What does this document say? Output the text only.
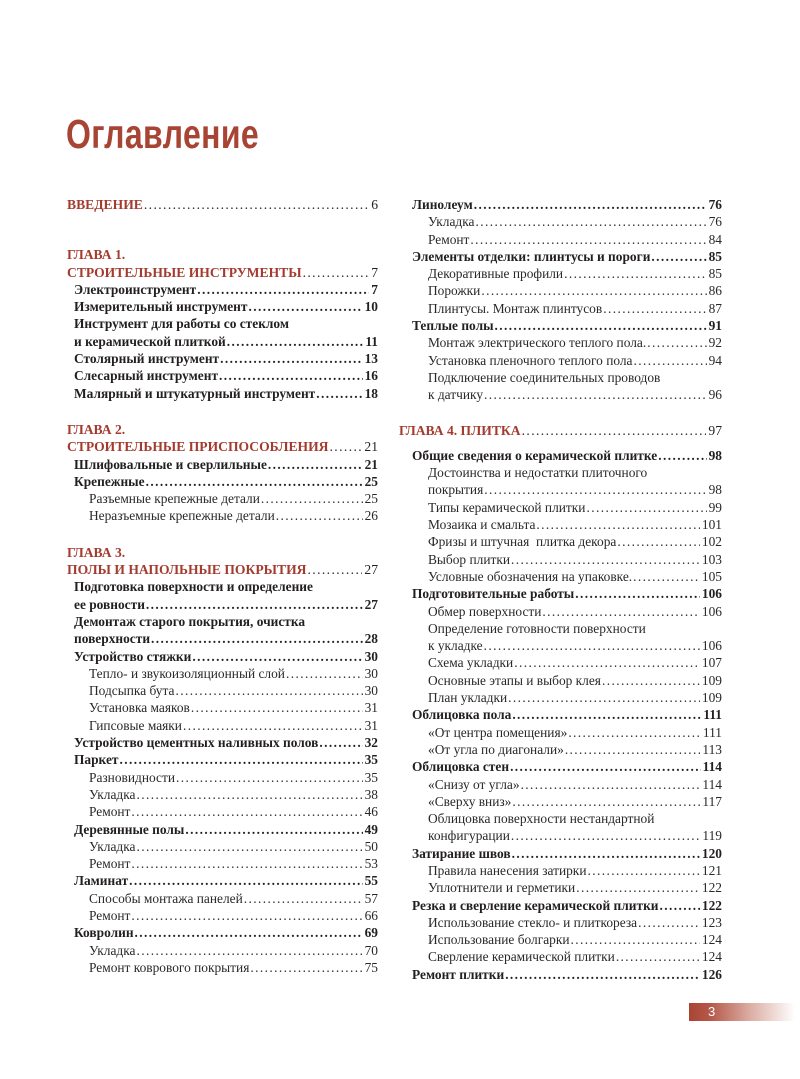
Оглавление
ВВЕДЕНИЕ .....	6
ГЛАВА 1.
СТРОИТЕЛЬНЫЕ ИНСТРУМЕНТЫ .....	7
Электроинструмент .....	7
Измерительный инструмент .....	10
Инструмент для работы со стеклом
и керамической плиткой .....	11
Столярный инструмент .....	13
Слесарный инструмент .....	16
Малярный и штукатурный инструмент .....	18
ГЛАВА 2.
СТРОИТЕЛЬНЫЕ ПРИСПОСОБЛЕНИЯ .....	21
Шлифовальные и сверлильные .....	21
Крепежные .....	25
Разъемные крепежные детали .....	25
Неразъемные крепежные детали .....	26
ГЛАВА 3.
ПОЛЫ И НАПОЛЬНЫЕ ПОКРЫТИЯ .....	27
Подготовка поверхности и определение
ее ровности .....	27
Демонтаж старого покрытия, очистка
поверхности .....	28
Устройство стяжки .....	30
Тепло- и звукоизоляционный слой .....	30
Подсыпка бута .....	30
Установка маяков .....	31
Гипсовые маяки .....	31
Устройство цементных наливных полов .....	32
Паркет .....	35
Разновидности .....	35
Укладка .....	38
Ремонт .....	46
Деревянные полы .....	49
Укладка .....	50
Ремонт .....	53
Ламинат .....	55
Способы монтажа панелей .....	57
Ремонт .....	66
Ковролин .....	69
Укладка .....	70
Ремонт коврового покрытия .....	75
Линолеум .....	76
Укладка .....	76
Ремонт .....	84
Элементы отделки: плинтусы и пороги .....	85
Декоративные профили .....	85
Порожки .....	86
Плинтусы. Монтаж плинтусов .....	87
Теплые полы .....	91
Монтаж электрического теплого пола. .....	92
Установка пленочного теплого пола .....	94
Подключение соединительных проводов
к датчику .....	96
ГЛАВА 4. ПЛИТКА .....	97
Общие сведения о керамической плитке .....	98
Достоинства и недостатки плиточного
покрытия .....	98
Типы керамической плитки .....	99
Мозаика и смальта .....	101
Фризы и штучная  плитка декора .....	102
Выбор плитки .....	103
Условные обозначения на упаковке. .....	105
Подготовительные работы .....	106
Обмер поверхности .....	106
Определение готовности поверхности
к укладке .....	106
Схема укладки .....	107
Основные этапы и выбор клея .....	109
План укладки .....	109
Облицовка пола .....	111
«От центра помещения» .....	111
«От угла по диагонали» .....	113
Облицовка стен .....	114
«Снизу от угла» .....	114
«Сверху вниз» .....	117
Облицовка поверхности нестандартной
конфигурации .....	119
Затирание швов .....	120
Правила нанесения затирки .....	121
Уплотнители и герметики .....	122
Резка и сверление керамической плитки .....	122
Использование стекло- и плиткореза .....	123
Использование болгарки .....	124
Сверление керамической плитки .....	124
Ремонт плитки .....	126
3
